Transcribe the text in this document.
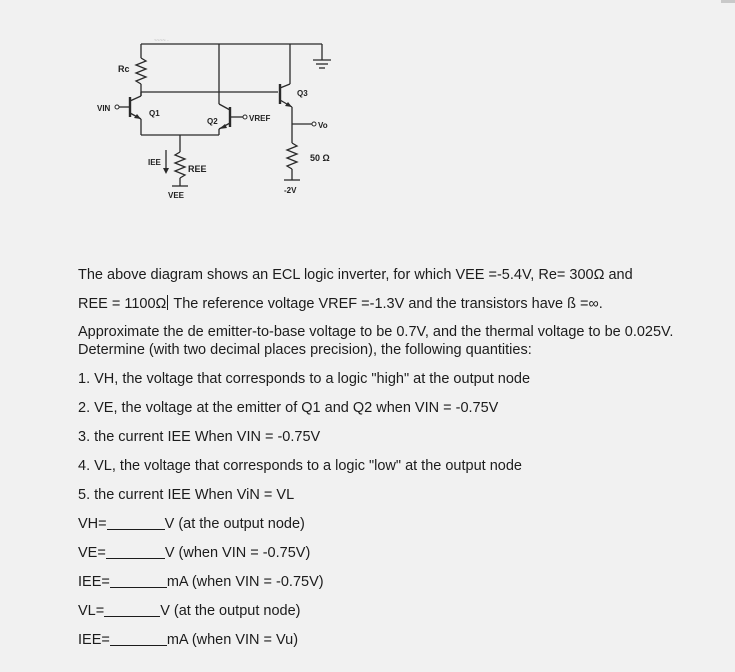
~~~~ ·
Rc
VIN
Q1
Q2
Q3
VREF
Vo
50 Ω
IEE
REE
VEE
-2V

The above diagram shows an ECL logic inverter, for which VEE =-5.4V, Re= 300Ω and

REE = 1100Ω The reference voltage VREF =-1.3V and the transistors have ß =∞.

Approximate the de emitter-to-base voltage to be 0.7V, and the thermal voltage to be 0.025V. Determine (with two decimal places precision), the following quantities:

1. VH, the voltage that corresponds to a logic "high" at the output node

2. VE, the voltage at the emitter of Q1 and Q2 when VIN = -0.75V

3. the current IEE When VIN = -0.75V

4. VL, the voltage that corresponds to a logic "low" at the output node

5. the current IEE When ViN = VL

VH=	V (at the output node)

VE=	V (when VIN = -0.75V)

IEE=	mA (when VIN = -0.75V)

VL=	V (at the output node)

IEE=	mA (when VIN = Vu)
